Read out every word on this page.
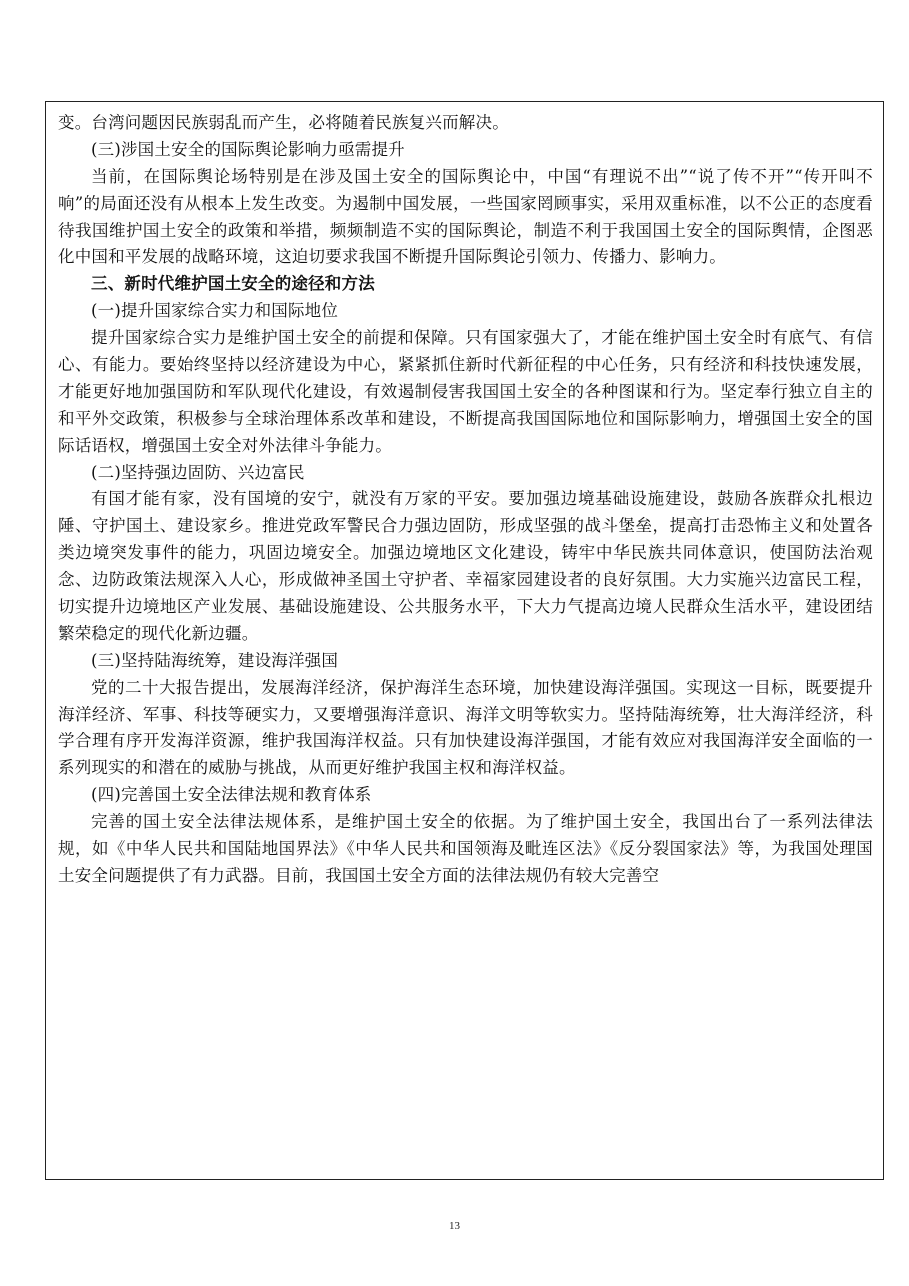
变。台湾问题因民族弱乱而产生，必将随着民族复兴而解决。

(三)涉国土安全的国际舆论影响力亟需提升

当前，在国际舆论场特别是在涉及国土安全的国际舆论中，中国“有理说不出”“说了传不开”“传开叫不响”的局面还没有从根本上发生改变。为遏制中国发展，一些国家罔顾事实，采用双重标准，以不公正的态度看待我国维护国土安全的政策和举措，频频制造不实的国际舆论，制造不利于我国国土安全的国际舆情，企图恶化中国和平发展的战略环境，这迫切要求我国不断提升国际舆论引领力、传播力、影响力。

三、新时代维护国土安全的途径和方法

(一)提升国家综合实力和国际地位

提升国家综合实力是维护国土安全的前提和保障。只有国家强大了，才能在维护国土安全时有底气、有信心、有能力。要始终坚持以经济建设为中心，紧紧抓住新时代新征程的中心任务，只有经济和科技快速发展，才能更好地加强国防和军队现代化建设，有效遏制侵害我国国土安全的各种图谋和行为。坚定奉行独立自主的和平外交政策，积极参与全球治理体系改革和建设，不断提高我国国际地位和国际影响力，增强国土安全的国际话语权，增强国土安全对外法律斗争能力。

(二)坚持强边固防、兴边富民

有国才能有家，没有国境的安宁，就没有万家的平安。要加强边境基础设施建设，鼓励各族群众扎根边陲、守护国土、建设家乡。推进党政军警民合力强边固防，形成坚强的战斗堡垒，提高打击恐怖主义和处置各类边境突发事件的能力，巩固边境安全。加强边境地区文化建设，铸牢中华民族共同体意识，使国防法治观念、边防政策法规深入人心，形成做神圣国土守护者、幸福家园建设者的良好氛围。大力实施兴边富民工程，切实提升边境地区产业发展、基础设施建设、公共服务水平，下大力气提高边境人民群众生活水平，建设团结繁荣稳定的现代化新边疆。

(三)坚持陆海统筹，建设海洋强国

党的二十大报告提出，发展海洋经济，保护海洋生态环境，加快建设海洋强国。实现这一目标，既要提升海洋经济、军事、科技等硬实力，又要增强海洋意识、海洋文明等软实力。坚持陆海统筹，壮大海洋经济，科学合理有序开发海洋资源，维护我国海洋权益。只有加快建设海洋强国，才能有效应对我国海洋安全面临的一系列现实的和潜在的威胁与挑战，从而更好维护我国主权和海洋权益。

(四)完善国土安全法律法规和教育体系

完善的国土安全法律法规体系，是维护国土安全的依据。为了维护国土安全，我国出台了一系列法律法规，如《中华人民共和国陆地国界法》《中华人民共和国领海及毗连区法》《反分裂国家法》等，为我国处理国土安全问题提供了有力武器。目前，我国国土安全方面的法律法规仍有较大完善空

13
